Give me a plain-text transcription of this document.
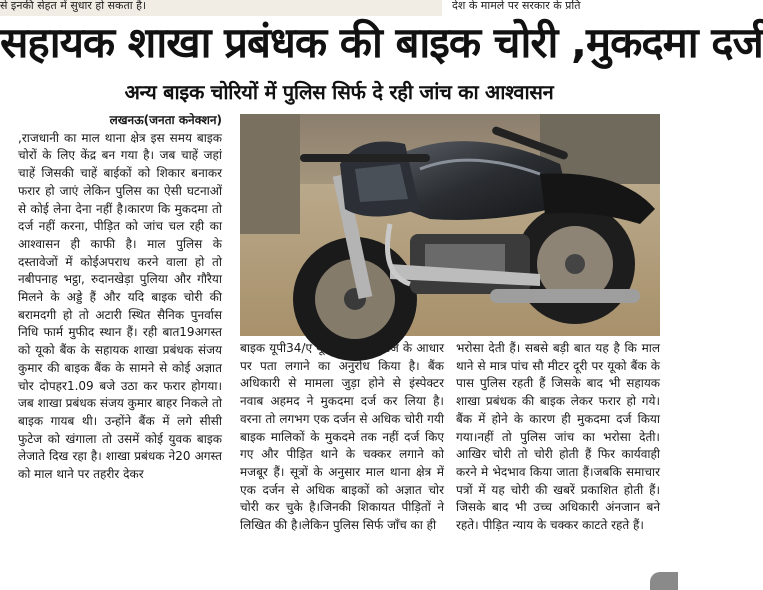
से इनकी सेहत में सुधार हो सकता है।	देश के मामले पर सरकार के प्रति
सहायक शाखा प्रबंधक की बाइक चोरी ,मुकदमा दर्ज
अन्य बाइक चोरियों में पुलिस सिर्फ दे रही जांच का आश्वासन
लखनऊ(जनता कनेक्शन)

,राजधानी का माल थाना क्षेत्र इस समय बाइक चोरों के लिए केंद्र बन गया है। जब चाहें जहां चाहें जिसकी चाहें बाईकों को शिकार बनाकर फरार हो जाएं लेकिन पुलिस का ऐसी घटनाओं से कोई लेना देना नहीं है।कारण कि मुकदमा तो दर्ज नहीं करना, पीड़ित को जांच चल रही का आश्वासन ही काफी है। माल पुलिस के दस्तावेजों में कोईअपराध करने वाला हो तो नबीपनाह भट्ठा, रुदानखेड़ा पुलिया और गौरैया मिलने के अड्डे हैं और यदि बाइक चोरी की बरामदगी हो तो अटारी स्थित सैनिक पुनर्वास निधि फार्म मुफीद स्थान हैं। रही बात19अगस्त को यूको बैंक के सहायक शाखा प्रबंधक संजय कुमार की बाइक बैंक के सामने से कोई अज्ञात चोर दोपहर1.09 बजे उठा कर फरार होगया।जब शाखा प्रबंधक संजय कुमार बाहर निकले तो बाइक गायब थी। उन्होंने बैंक में लगे सीसी फुटेज को खंगाला तो उसमें कोई युवक बाइक लेजाते दिख रहा है। शाखा प्रबंधक ने20 अगस्त को माल थाने पर तहरीर देकर

बाइक यूपी34/ए यू 6439का फुटेज के आधार पर पता लगाने का अनुरोध किया है। बैंक अधिकारी से मामला जुड़ा होने से इंस्पेक्टर नवाब अहमद ने मुकदमा दर्ज कर लिया है। वरना तो लगभग एक दर्जन से अधिक चोरी गयी बाइक मालिकों के मुकदमे तक नहीं दर्ज किए गए और पीड़ित थाने के चक्कर लगाने को मजबूर हैं। सूत्रों के अनुसार माल थाना क्षेत्र में एक दर्जन से अधिक बाइकों को अज्ञात चोर चोरी कर चुके है।जिनकी शिकायत पीड़ितों ने लिखित की है।लेकिन पुलिस सिर्फ जाँच का ही

भरोसा देती हैं। सबसे बड़ी बात यह है कि माल थाने से मात्र पांच सौ मीटर दूरी पर यूको बैंक के पास पुलिस रहती हैं जिसके बाद भी सहायक शाखा प्रबंधक की बाइक लेकर फरार हो गये। बैंक में होने के कारण ही मुकदमा दर्ज किया गया।नहीं तो पुलिस जांच का भरोसा देती। आखिर चोरी तो चोरी होती हैं फिर कार्यवाही करने मे भेदभाव किया जाता हैं।जबकि समाचार पत्रों में यह चोरी की खबरें प्रकाशित होती हैं।जिसके बाद भी उच्च अधिकारी अंनजान बने रहते। पीड़ित न्याय के चक्कर काटते रहते हैं।
